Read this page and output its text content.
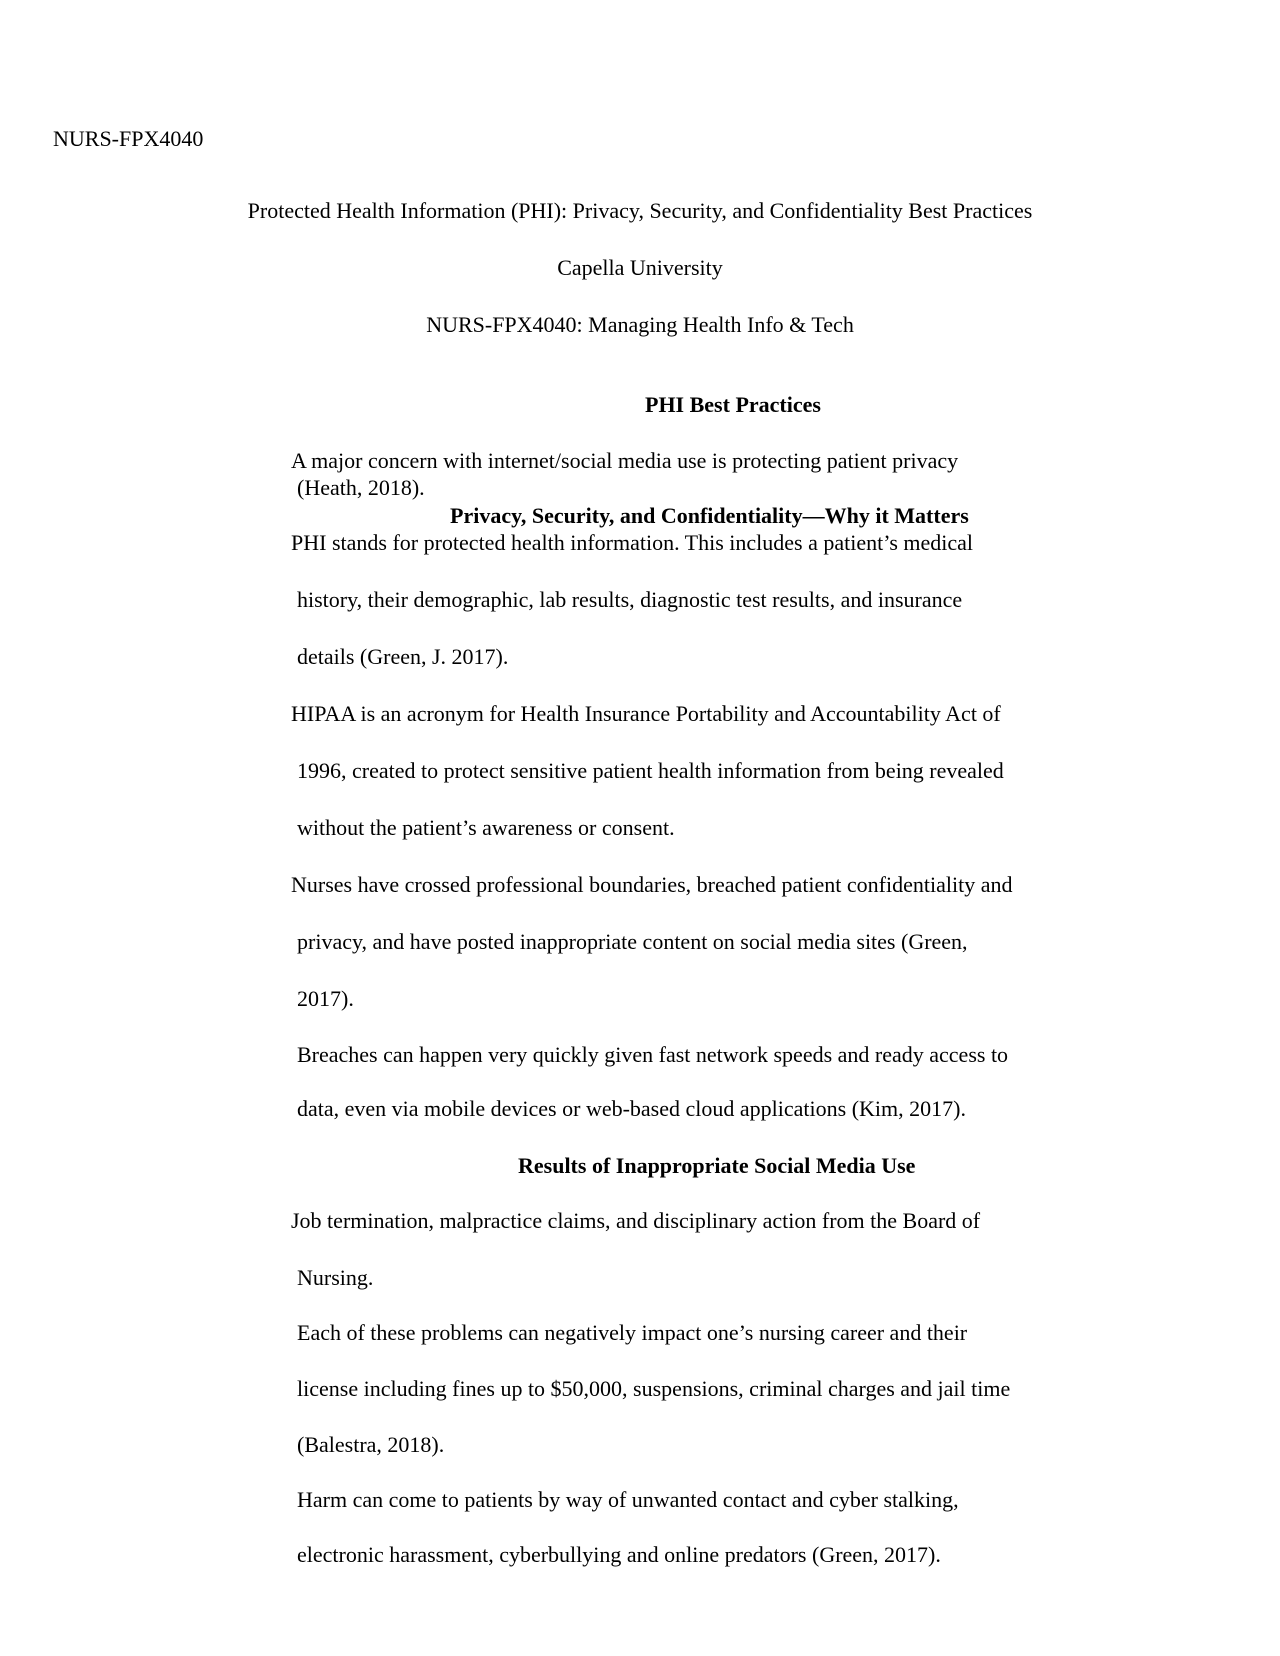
NURS-FPX4040

Protected Health Information (PHI): Privacy, Security, and Confidentiality Best Practices

Capella University

NURS-FPX4040: Managing Health Info & Tech

PHI Best Practices

A major concern with internet/social media use is protecting patient privacy

(Heath, 2018).

Privacy, Security, and Confidentiality—Why it Matters

PHI stands for protected health information. This includes a patient’s medical

history, their demographic, lab results, diagnostic test results, and insurance

details (Green, J. 2017).

HIPAA is an acronym for Health Insurance Portability and Accountability Act of

1996, created to protect sensitive patient health information from being revealed

without the patient’s awareness or consent.

Nurses have crossed professional boundaries, breached patient confidentiality and

privacy, and have posted inappropriate content on social media sites (Green,

2017).

Breaches can happen very quickly given fast network speeds and ready access to

data, even via mobile devices or web-based cloud applications (Kim, 2017).

Results of Inappropriate Social Media Use

Job termination, malpractice claims, and disciplinary action from the Board of

Nursing.

Each of these problems can negatively impact one’s nursing career and their

license including fines up to $50,000, suspensions, criminal charges and jail time

(Balestra, 2018).

Harm can come to patients by way of unwanted contact and cyber stalking,

electronic harassment, cyberbullying and online predators (Green, 2017).
